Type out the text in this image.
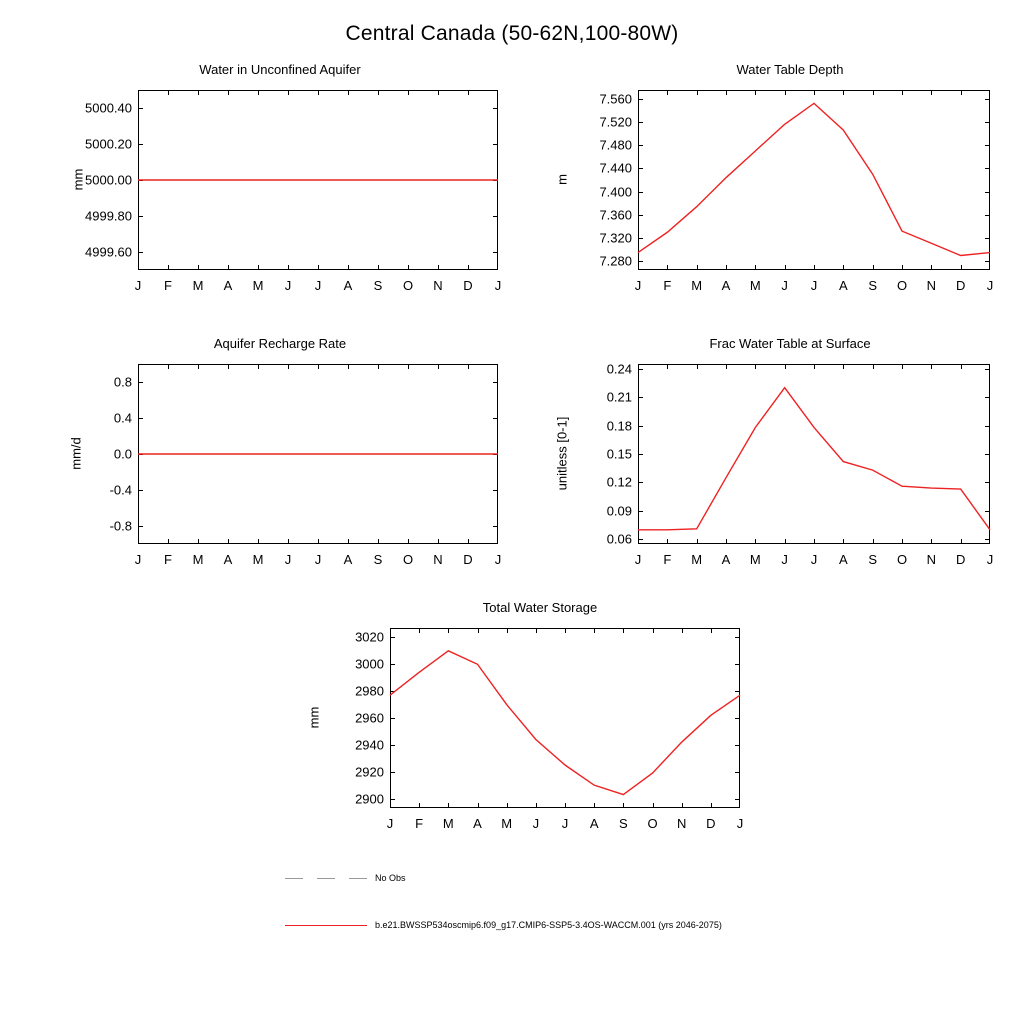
Central Canada (50-62N,100-80W)
Water in Unconfined Aquifer
mm
4999.60
4999.80
5000.00
5000.20
5000.40
J F M A M J J A S O N D J
Water Table Depth
m
7.280
7.320
7.360
7.400
7.440
7.480
7.520
7.560
J F M A M J J A S O N D J
Aquifer Recharge Rate
mm/d
-0.8
-0.4
0.0
0.4
0.8
J F M A M J J A S O N D J
Frac Water Table at Surface
unitless [0-1]
0.06
0.09
0.12
0.15
0.18
0.21
0.24
J F M A M J J A S O N D J
Total Water Storage
mm
2900
2920
2940
2960
2980
3000
3020
J F M A M J J A S O N D J
No Obs
b.e21.BWSSP534oscmip6.f09_g17.CMIP6-SSP5-3.4OS-WACCM.001 (yrs 2046-2075)
